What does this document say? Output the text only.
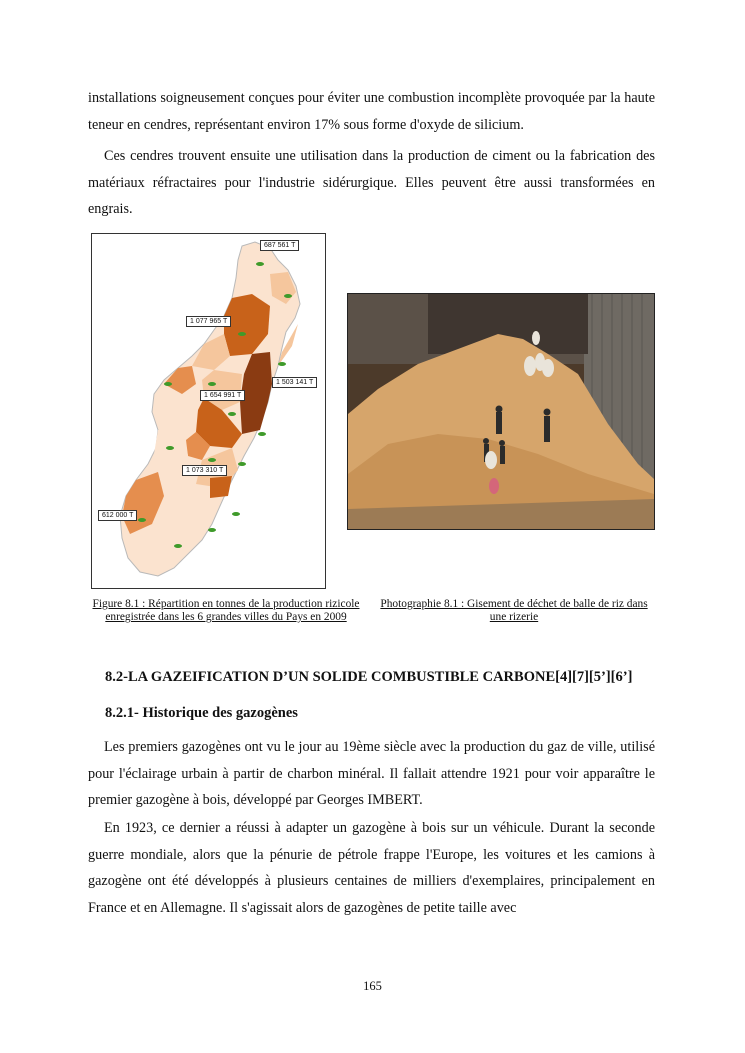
installations soigneusement conçues pour éviter une combustion incomplète provoquée par la haute teneur en cendres, représentant environ 17% sous forme d'oxyde de silicium.

Ces cendres trouvent ensuite une utilisation dans la production de ciment ou la fabrication des matériaux réfractaires pour l'industrie sidérurgique. Elles peuvent être aussi transformées en engrais.

687 561 T
1 077 965 T
1 503 141 T
1 654 991 T
1 073 310 T
612 000 T

Figure 8.1 : Répartition en tonnes de la production rizicole enregistrée dans les 6 grandes villes du Pays en 2009

Photographie 8.1 : Gisement de déchet de balle de riz dans une rizerie

8.2-LA GAZEIFICATION D’UN SOLIDE COMBUSTIBLE CARBONE[4][7][5’][6’]

8.2.1- Historique des gazogènes

Les premiers gazogènes ont vu le jour au 19ème siècle avec la production du gaz de ville, utilisé pour l'éclairage urbain à partir de charbon minéral. Il fallait attendre 1921 pour voir apparaître le premier gazogène à bois, développé par Georges IMBERT.

En 1923, ce dernier a réussi à adapter un gazogène à bois sur un véhicule. Durant la seconde guerre mondiale, alors que la pénurie de pétrole frappe l'Europe, les voitures et les camions à gazogène ont été développés à plusieurs centaines de milliers d'exemplaires, principalement en France et en Allemagne. Il s'agissait alors de gazogènes de petite taille avec

165
